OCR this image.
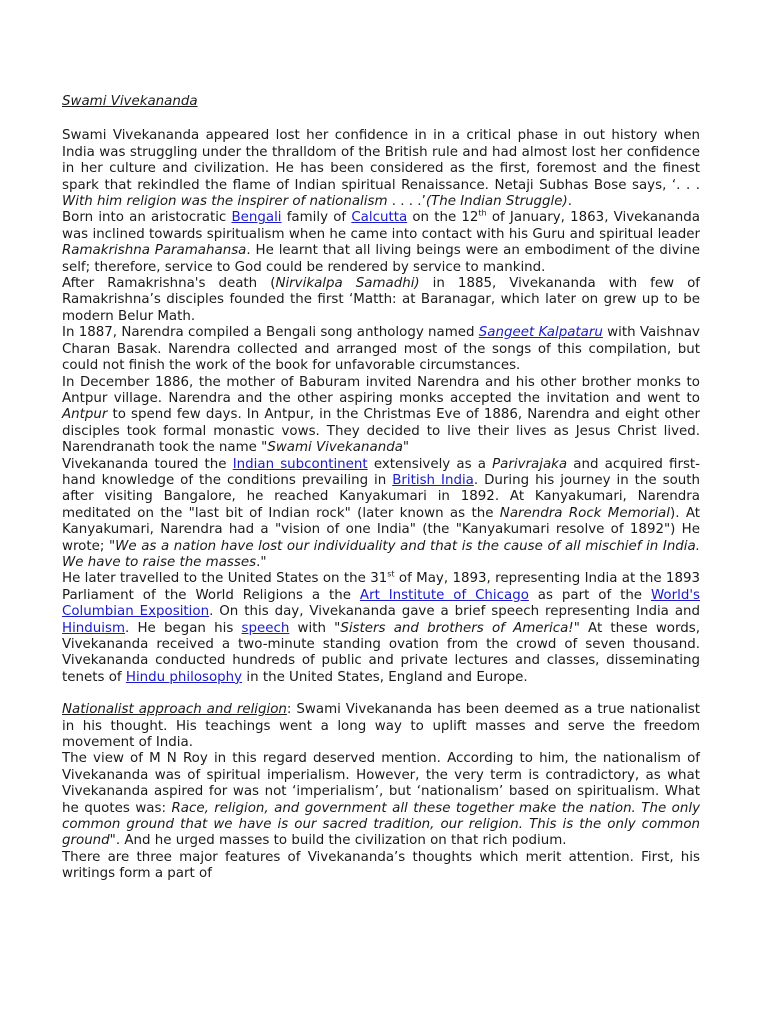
Swami Vivekananda

Swami Vivekananda appeared lost her confidence in in a critical phase in out history when India was struggling under the thralldom of the British rule and had almost lost her confidence in her culture and civilization. He has been considered as the first, foremost and the finest spark that rekindled the flame of Indian spiritual Renaissance. Netaji Subhas Bose says, ‘. . . With him religion was the inspirer of nationalism . . . .’(The Indian Struggle).

Born into an aristocratic Bengali family of Calcutta on the 12th of January, 1863, Vivekananda was inclined towards spiritualism when he came into contact with his Guru and spiritual leader Ramakrishna Paramahansa. He learnt that all living beings were an embodiment of the divine self; therefore, service to God could be rendered by service to mankind.

After Ramakrishna's death (Nirvikalpa Samadhi) in 1885, Vivekananda with few of Ramakrishna’s disciples founded the first ‘Matth: at Baranagar, which later on grew up to be modern Belur Math.

In 1887, Narendra compiled a Bengali song anthology named Sangeet Kalpataru with Vaishnav Charan Basak. Narendra collected and arranged most of the songs of this compilation, but could not finish the work of the book for unfavorable circumstances.

In December 1886, the mother of Baburam invited Narendra and his other brother monks to Antpur village. Narendra and the other aspiring monks accepted the invitation and went to Antpur to spend few days. In Antpur, in the Christmas Eve of 1886, Narendra and eight other disciples took formal monastic vows. They decided to live their lives as Jesus Christ lived. Narendranath took the name "Swami Vivekananda"

Vivekananda toured the Indian subcontinent extensively as a Parivrajaka and acquired first-hand knowledge of the conditions prevailing in British India. During his journey in the south after visiting Bangalore, he reached Kanyakumari in 1892. At Kanyakumari, Narendra meditated on the "last bit of Indian rock" (later known as the Narendra Rock Memorial). At Kanyakumari, Narendra had a "vision of one India" (the "Kanyakumari resolve of 1892") He wrote; "We as a nation have lost our individuality and that is the cause of all mischief in India. We have to raise the masses."

He later travelled to the United States on the 31st of May, 1893, representing India at the 1893 Parliament of the World Religions a the Art Institute of Chicago as part of the World's Columbian Exposition. On this day, Vivekananda gave a brief speech representing India and Hinduism. He began his speech with "Sisters and brothers of America!" At these words, Vivekananda received a two-minute standing ovation from the crowd of seven thousand. Vivekananda conducted hundreds of public and private lectures and classes, disseminating tenets of Hindu philosophy in the United States, England and Europe.

Nationalist approach and religion: Swami Vivekananda has been deemed as a true nationalist in his thought. His teachings went a long way to uplift masses and serve the freedom movement of India.

The view of M N Roy in this regard deserved mention. According to him, the nationalism of Vivekananda was of spiritual imperialism. However, the very term is contradictory, as what Vivekananda aspired for was not ‘imperialism’, but ‘nationalism’ based on spiritualism. What he quotes was: Race, religion, and government all these together make the nation. The only common ground that we have is our sacred tradition, our religion. This is the only common ground". And he urged masses to build the civilization on that rich podium.

There are three major features of Vivekananda’s thoughts which merit attention. First, his writings form a part of
